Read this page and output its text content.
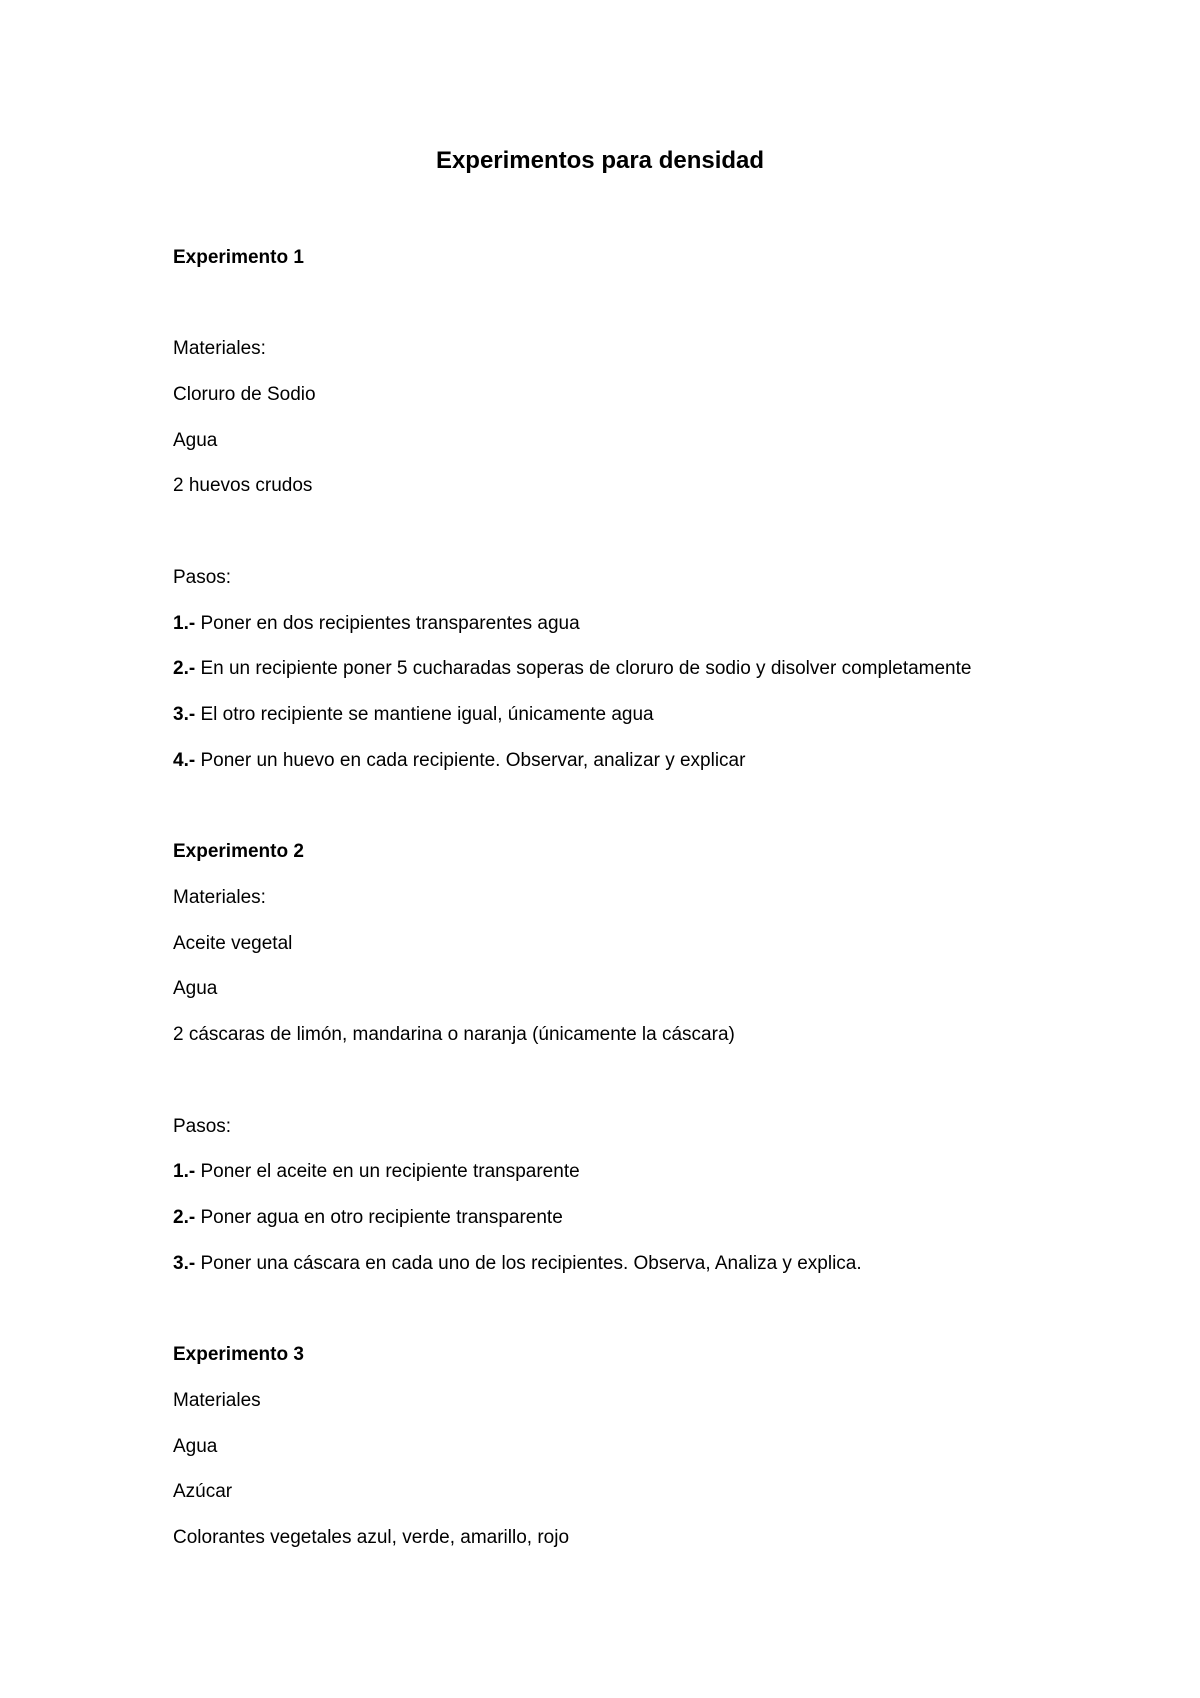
Experimentos para densidad
Experimento 1
Materiales:
Cloruro de Sodio
Agua
2 huevos crudos
Pasos:
1.- Poner en dos recipientes transparentes agua
2.- En un recipiente poner 5 cucharadas soperas de cloruro de sodio y disolver completamente
3.- El otro recipiente se mantiene igual, únicamente agua
4.- Poner un huevo en cada recipiente. Observar, analizar y explicar
Experimento 2
Materiales:
Aceite vegetal
Agua
2 cáscaras de limón, mandarina o naranja (únicamente la cáscara)
Pasos:
1.- Poner el aceite en un recipiente transparente
2.- Poner agua en otro recipiente transparente
3.- Poner una cáscara en cada uno de los recipientes. Observa, Analiza y explica.
Experimento 3
Materiales
Agua
Azúcar
Colorantes vegetales azul, verde, amarillo, rojo
